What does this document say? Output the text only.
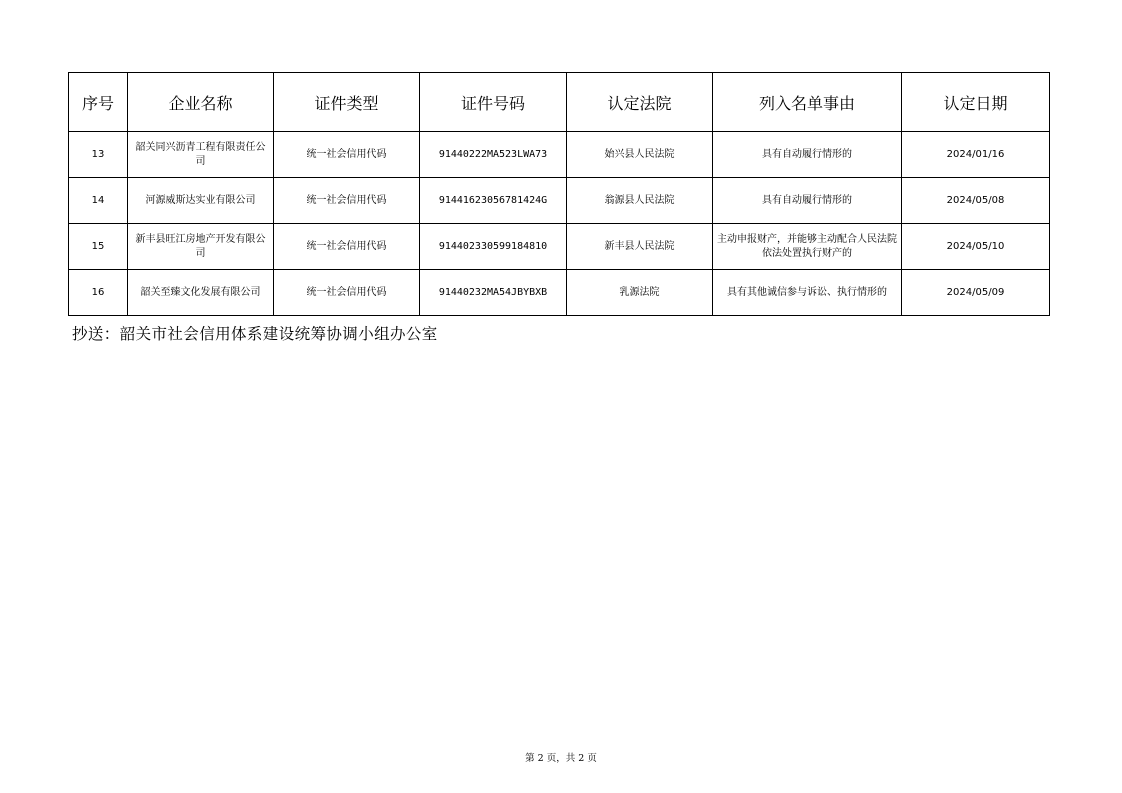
序号	企业名称	证件类型	证件号码	认定法院	列入名单事由	认定日期
13	韶关同兴沥青工程有限责任公司	统一社会信用代码	91440222MA523LWA73	始兴县人民法院	具有自动履行情形的	2024/01/16
14	河源威斯达实业有限公司	统一社会信用代码	91441623056781424G	翁源县人民法院	具有自动履行情形的	2024/05/08
15	新丰县旺江房地产开发有限公司	统一社会信用代码	914402330599184810	新丰县人民法院	主动申报财产，并能够主动配合人民法院依法处置执行财产的	2024/05/10
16	韶关至臻文化发展有限公司	统一社会信用代码	91440232MA54JBYBXB	乳源法院	具有其他诚信参与诉讼、执行情形的	2024/05/09
抄送：韶关市社会信用体系建设统筹协调小组办公室
第 2 页，共 2 页
